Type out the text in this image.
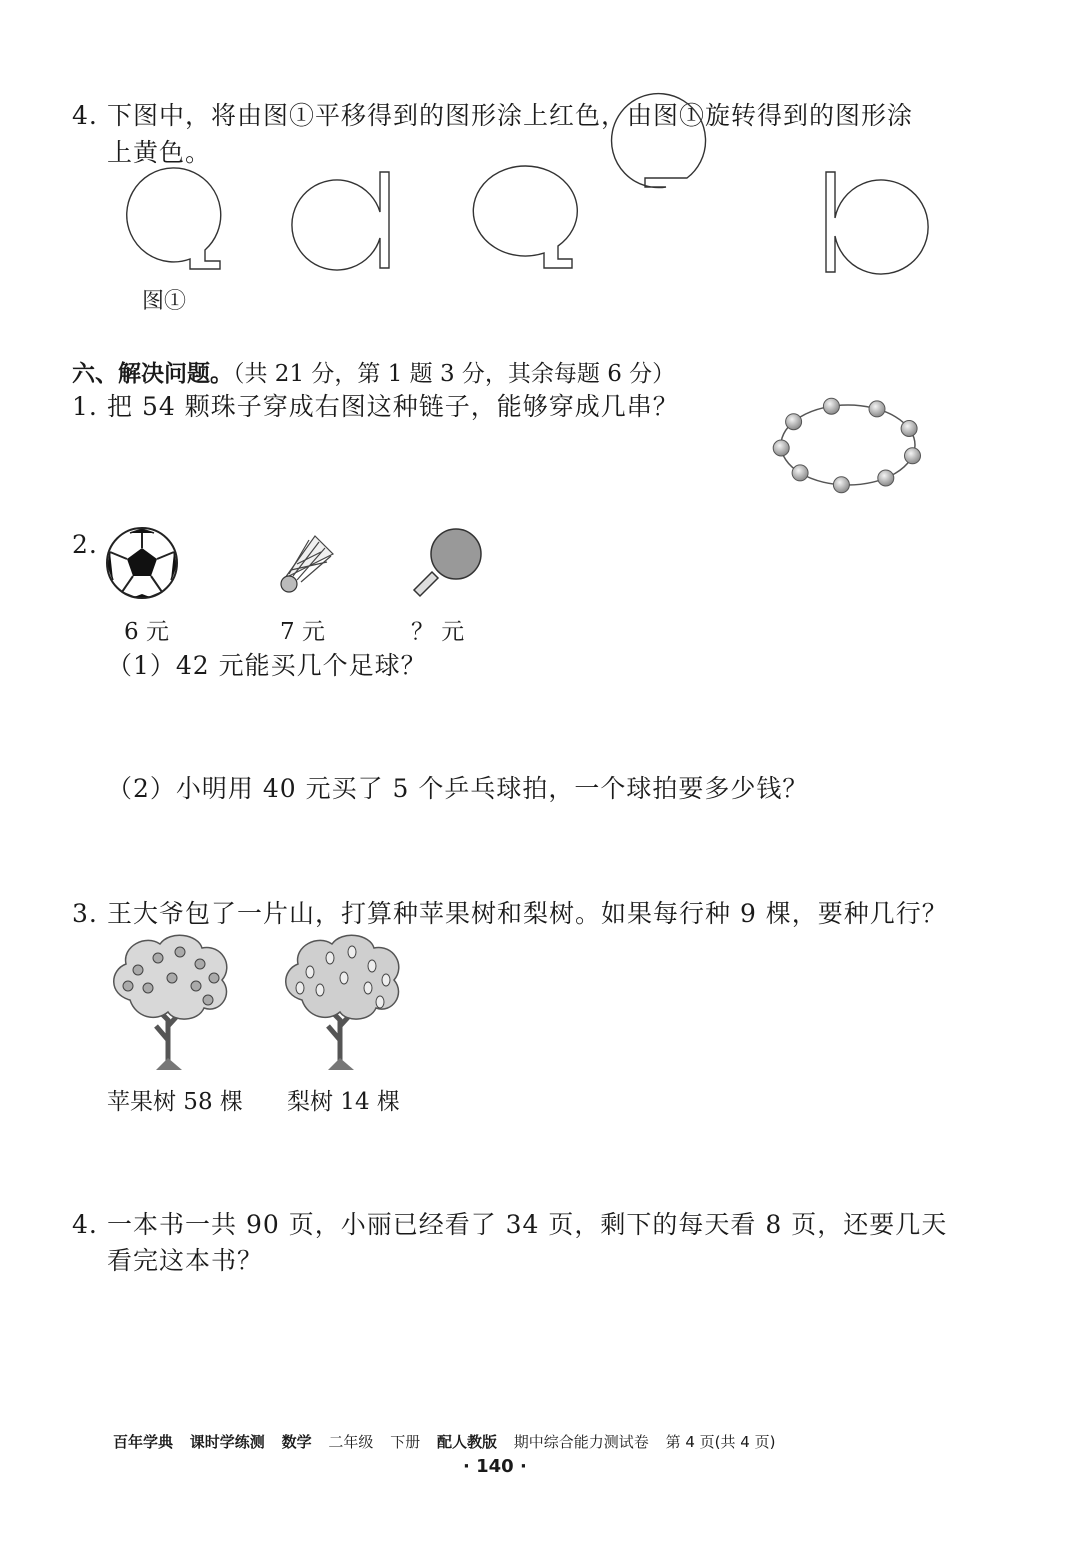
4. 下图中，将由图①平移得到的图形涂上红色，由图①旋转得到的图形涂
上黄色。
图①
六、解决问题。（共 21 分，第 1 题 3 分，其余每题 6 分）
1. 把 54 颗珠子穿成右图这种链子，能够穿成几串？
2.
6 元	7 元	？ 元
（1）42 元能买几个足球？
（2）小明用 40 元买了 5 个乒乓球拍，一个球拍要多少钱？
3. 王大爷包了一片山，打算种苹果树和梨树。如果每行种 9 棵，要种几行？
苹果树 58 棵 梨树 14 棵
4. 一本书一共 90 页，小丽已经看了 34 页，剩下的每天看 8 页，还要几天
看完这本书？
百年学典 课时学练测 数学 二年级 下册 配人教版 期中综合能力测试卷 第 4 页(共 4 页)
· 140 ·
